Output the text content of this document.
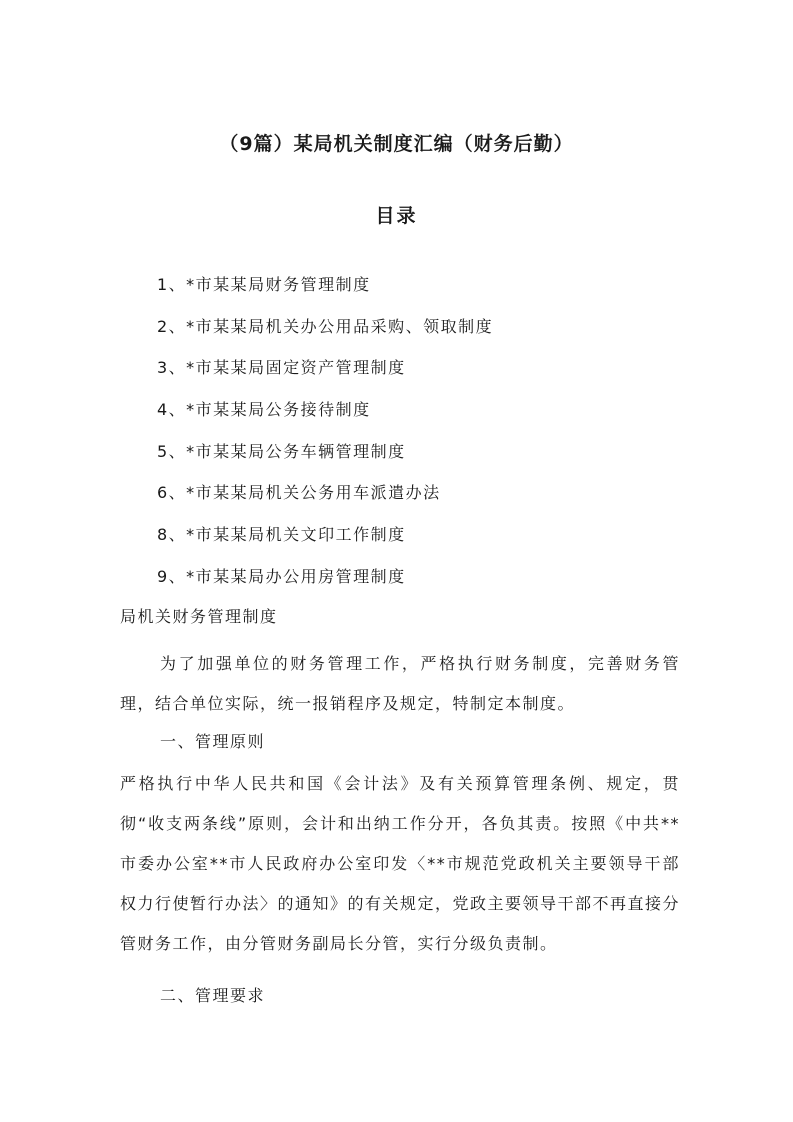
（9篇）某局机关制度汇编（财务后勤）
目录
1、*市某某局财务管理制度
2、*市某某局机关办公用品采购、领取制度
3、*市某某局固定资产管理制度
4、*市某某局公务接待制度
5、*市某某局公务车辆管理制度
6、*市某某局机关公务用车派遣办法
8、*市某某局机关文印工作制度
9、*市某某局办公用房管理制度
局机关财务管理制度
为了加强单位的财务管理工作，严格执行财务制度，完善财务管理，结合单位实际，统一报销程序及规定，特制定本制度。
一、管理原则
严格执行中华人民共和国《会计法》及有关预算管理条例、规定，贯彻“收支两条线”原则，会计和出纳工作分开，各负其责。按照《中共**市委办公室**市人民政府办公室印发〈**市规范党政机关主要领导干部权力行使暂行办法〉的通知》的有关规定，党政主要领导干部不再直接分管财务工作，由分管财务副局长分管，实行分级负责制。
二、管理要求
